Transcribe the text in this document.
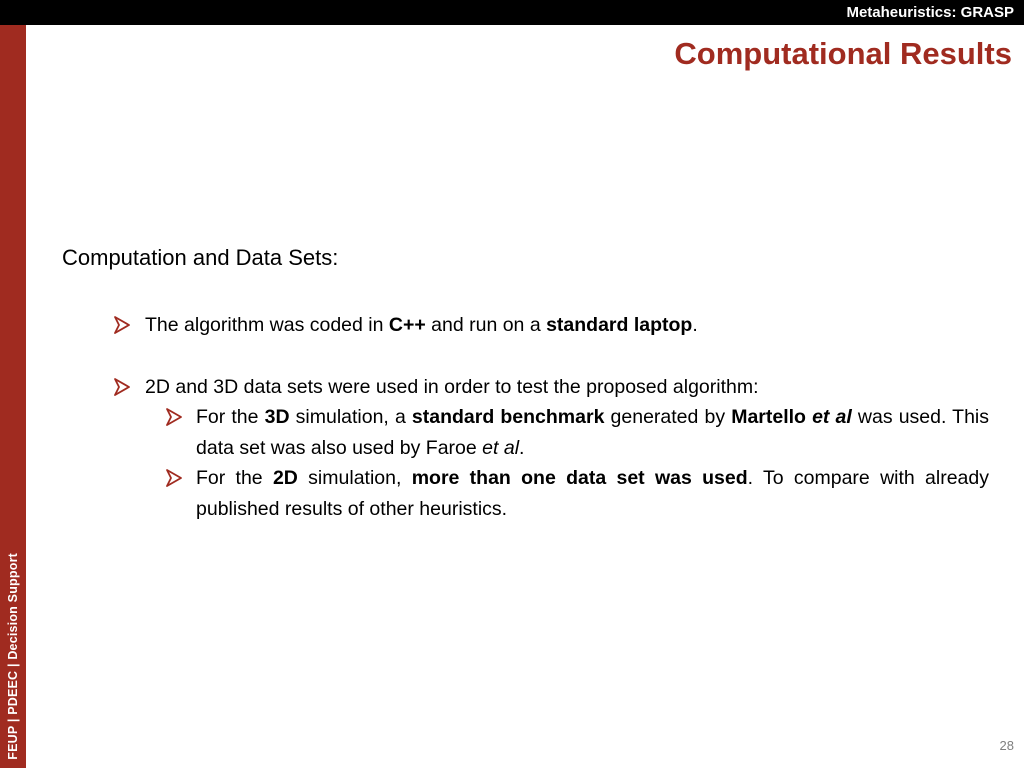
Metaheuristics: GRASP
FEUP | PDEEC | Decision Support
Computational Results
Computation and Data Sets:
The algorithm was coded in C++ and run on a standard laptop.
2D and 3D data sets were used in order to test the proposed algorithm:
For the 3D simulation, a standard benchmark generated by Martello et al was used. This data set was also used by Faroe et al.
For the 2D simulation, more than one data set was used. To compare with already published results of other heuristics.
28
